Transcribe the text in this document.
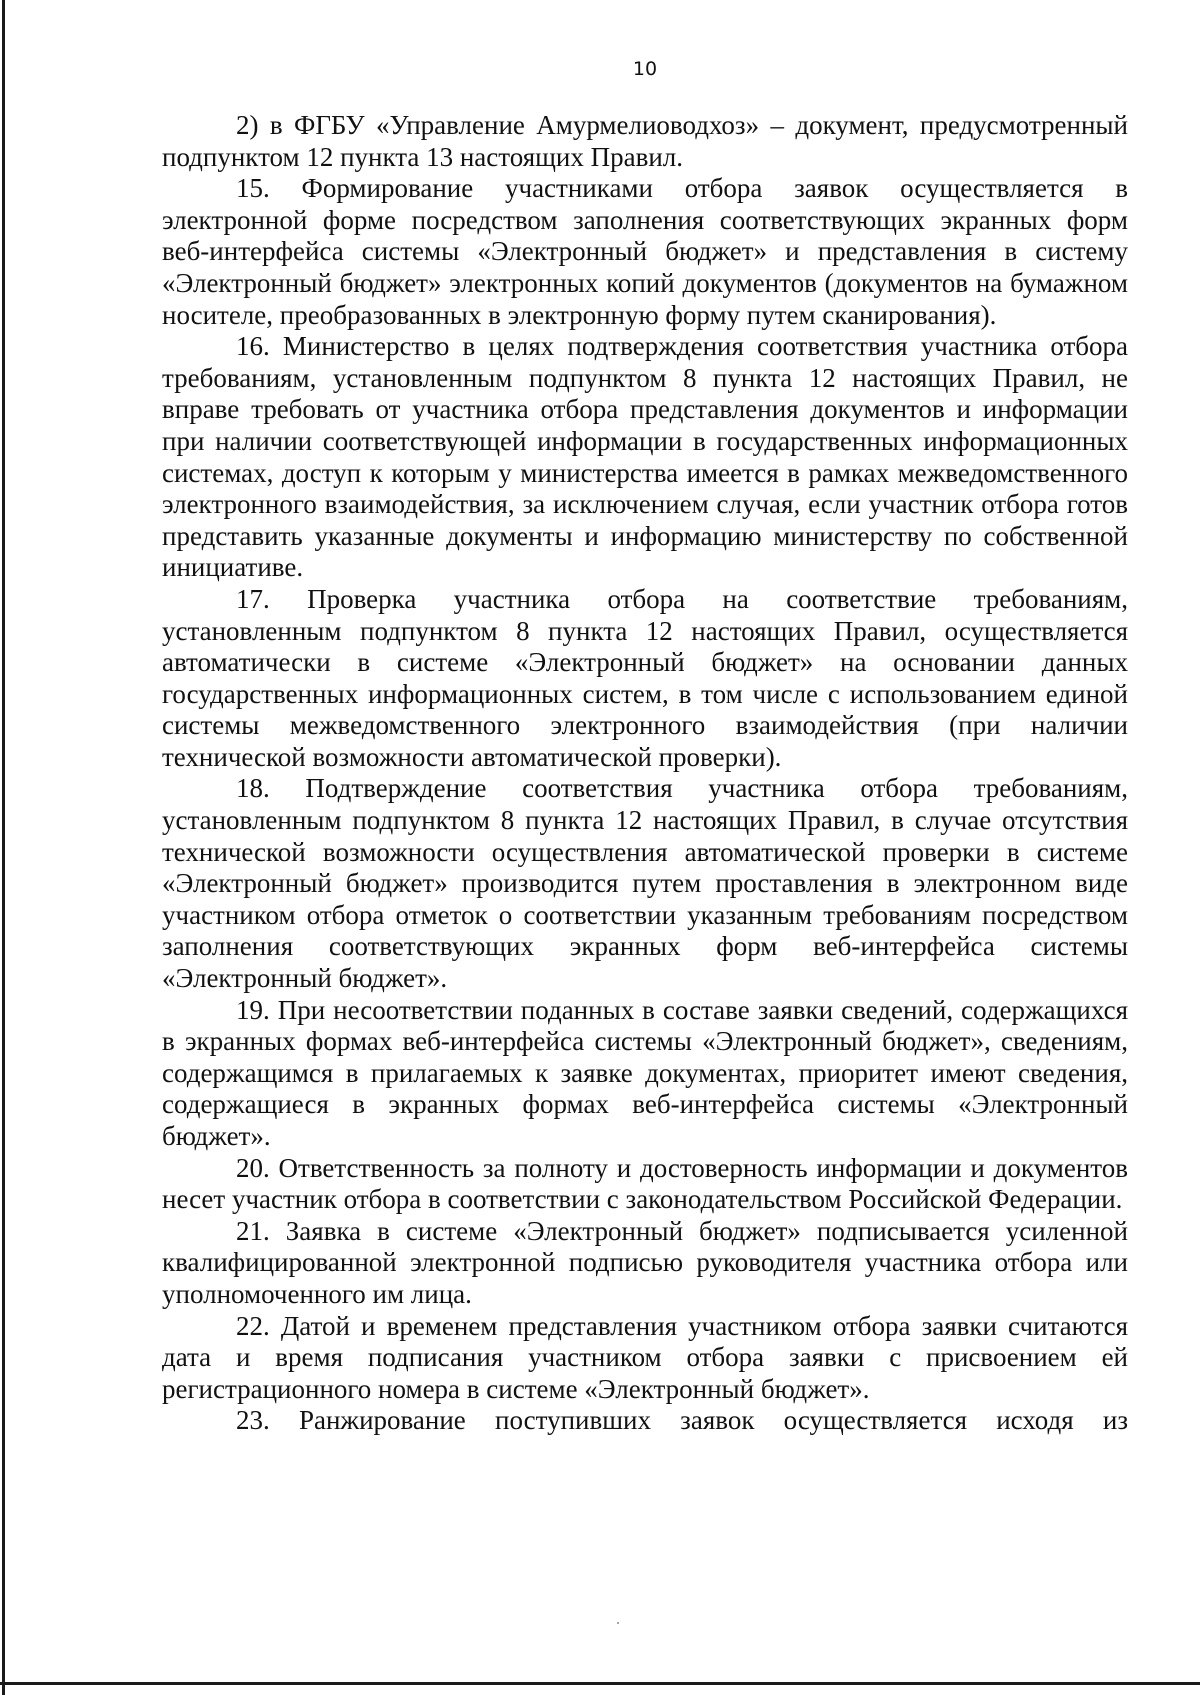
10

2) в ФГБУ «Управление Амурмелиоводхоз» – документ, предусмотренный подпунктом 12 пункта 13 настоящих Правил.

15. Формирование участниками отбора заявок осуществляется в электронной форме посредством заполнения соответствующих экранных форм веб-интерфейса системы «Электронный бюджет» и представления в систему «Электронный бюджет» электронных копий документов (документов на бумажном носителе, преобразованных в электронную форму путем сканирования).

16. Министерство в целях подтверждения соответствия участника отбора требованиям, установленным подпунктом 8 пункта 12 настоящих Правил, не вправе требовать от участника отбора представления документов и информации при наличии соответствующей информации в государственных информационных системах, доступ к которым у министерства имеется в рамках межведомственного электронного взаимодействия, за исключением случая, если участник отбора готов представить указанные документы и информацию министерству по собственной инициативе.

17. Проверка участника отбора на соответствие требованиям, установленным подпунктом 8 пункта 12 настоящих Правил, осуществляется автоматически в системе «Электронный бюджет» на основании данных государственных информационных систем, в том числе с использованием единой системы межведомственного электронного взаимодействия (при наличии технической возможности автоматической проверки).

18. Подтверждение соответствия участника отбора требованиям, установленным подпунктом 8 пункта 12 настоящих Правил, в случае отсутствия технической возможности осуществления автоматической проверки в системе «Электронный бюджет» производится путем проставления в электронном виде участником отбора отметок о соответствии указанным требованиям посредством заполнения соответствующих экранных форм веб-интерфейса системы «Электронный бюджет».

19. При несоответствии поданных в составе заявки сведений, содержащихся в экранных формах веб-интерфейса системы «Электронный бюджет», сведениям, содержащимся в прилагаемых к заявке документах, приоритет имеют сведения, содержащиеся в экранных формах веб-интерфейса системы «Электронный бюджет».

20. Ответственность за полноту и достоверность информации и документов несет участник отбора в соответствии с законодательством Российской Федерации.

21. Заявка в системе «Электронный бюджет» подписывается усиленной квалифицированной электронной подписью руководителя участника отбора или уполномоченного им лица.

22. Датой и временем представления участником отбора заявки считаются дата и время подписания участником отбора заявки с присвоением ей регистрационного номера в системе «Электронный бюджет».

23. Ранжирование поступивших заявок осуществляется исходя из
